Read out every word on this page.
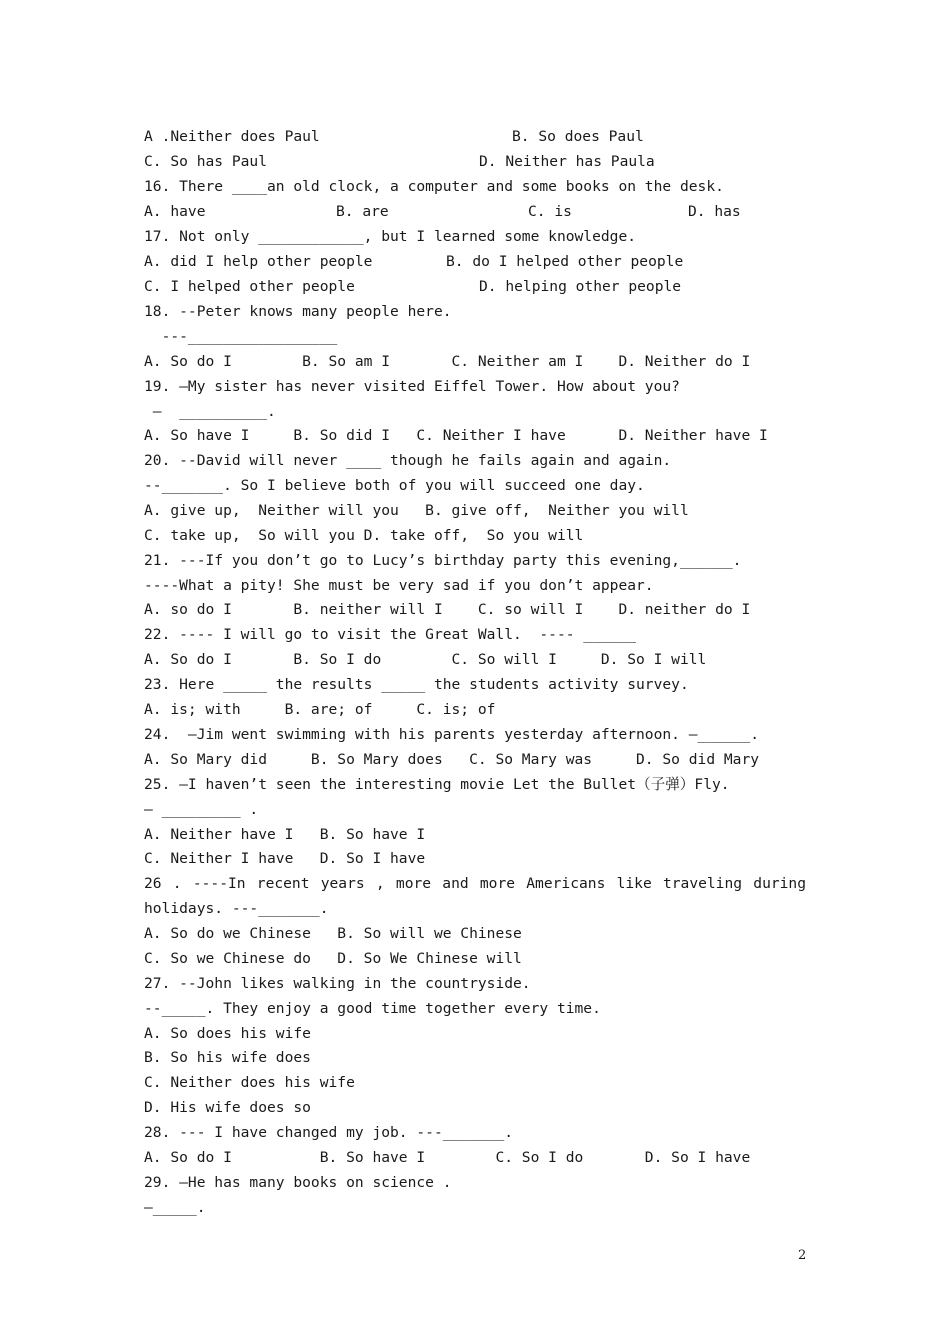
A .Neither does Paul	B. So does Paul
C. So has Paul	D. Neither has Paula
16. There ____an old clock, a computer and some books on the desk.
A. have	B. are	C. is	D. has
17. Not only ____________, but I learned some knowledge.
A. did I help other people	B. do I helped other people
C. I helped other people	D. helping other people
18. --Peter knows many people here.
---_________________
A. So do I        B. So am I       C. Neither am I    D. Neither do I
19. –My sister has never visited Eiffel Tower. How about you?
–  __________.
A. So have I     B. So did I   C. Neither I have      D. Neither have I
20. --David will never ____ though he fails again and again.
--_______. So I believe both of you will succeed one day.
A. give up,  Neither will you   B. give off,  Neither you will
C. take up,  So will you D. take off,  So you will
21. ---If you don’t go to Lucy’s birthday party this evening,______.
----What a pity! She must be very sad if you don’t appear.
A. so do I       B. neither will I    C. so will I    D. neither do I
22. ---- I will go to visit the Great Wall.  ---- ______
A. So do I       B. So I do        C. So will I     D. So I will
23. Here _____ the results _____ the students activity survey.
A. is; with     B. are; of     C. is; of
24.  –Jim went swimming with his parents yesterday afternoon. –______.
A. So Mary did     B. So Mary does   C. So Mary was     D. So did Mary
25. —I haven’t seen the interesting movie Let the Bullet（子弹）Fly.
— _________ .
A. Neither have I   B. So have I
C. Neither I have   D. So I have
26 . ----In recent years , more and more Americans like traveling during
holidays. ---_______.
A. So do we Chinese   B. So will we Chinese
C. So we Chinese do   D. So We Chinese will
27. --John likes walking in the countryside.
--_____. They enjoy a good time together every time.
A. So does his wife
B. So his wife does
C. Neither does his wife
D. His wife does so
28. --- I have changed my job. ---_______.
A. So do I          B. So have I        C. So I do       D. So I have
29. —He has many books on science .
—_____.
2
